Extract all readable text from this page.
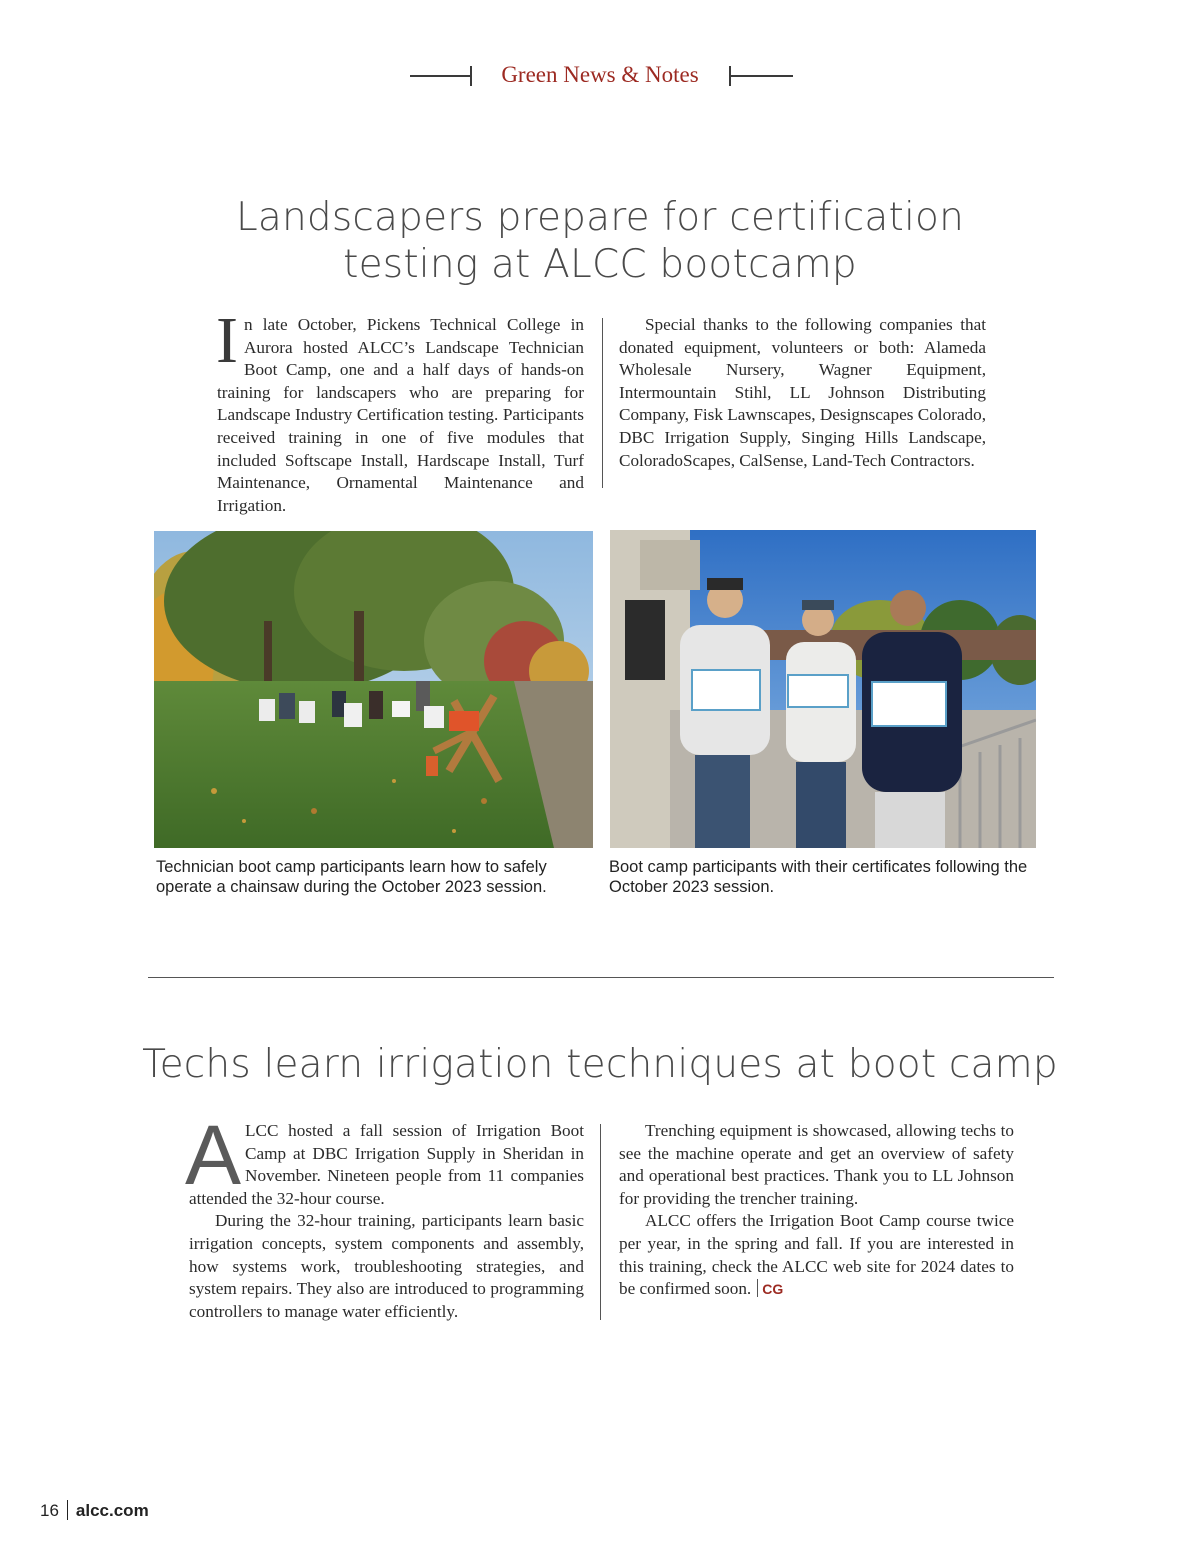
Green News & Notes
Landscapers prepare for certification
testing at ALCC bootcamp

In late October, Pickens Technical College in Aurora hosted ALCC’s Landscape Technician Boot Camp, one and a half days of hands-on training for landscapers who are preparing for Landscape Industry Certification testing. Participants received training in one of five modules that included Softscape Install, Hardscape Install, Turf Maintenance, Ornamental Maintenance and Irrigation.

Special thanks to the following companies that donated equipment, volunteers or both: Alameda Wholesale Nursery, Wagner Equipment, Intermountain Stihl, LL Johnson Distributing Company, Fisk Lawnscapes, Designscapes Colorado, DBC Irrigation Supply, Singing Hills Landscape, ColoradoScapes, CalSense, Land-Tech Contractors.

Technician boot camp participants learn how to safely operate a chainsaw during the October 2023 session.
Boot camp participants with their certificates following the October 2023 session.
Techs learn irrigation techniques at boot camp

ALCC hosted a fall session of Irrigation Boot Camp at DBC Irrigation Supply in Sheridan in November. Nineteen people from 11 companies attended the 32-hour course.

During the 32-hour training, participants learn basic irrigation concepts, system components and assembly, how systems work, troubleshooting strategies, and system repairs. They also are introduced to programming controllers to manage water efficiently.

Trenching equipment is showcased, allowing techs to see the machine operate and get an overview of safety and operational best practices. Thank you to LL Johnson for providing the trencher training.

ALCC offers the Irrigation Boot Camp course twice per year, in the spring and fall. If you are interested in this training, check the ALCC web site for 2024 dates to be confirmed soon. CG

16 alcc.com
